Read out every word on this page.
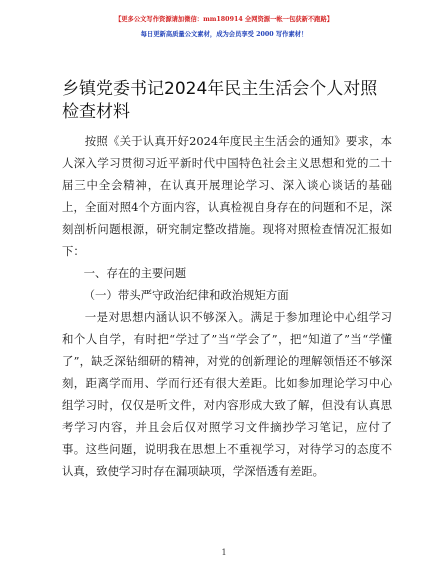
【更多公文写作资源请加微信：mm180914 全网资源一帐一包获新不跑路】
每日更新高质量公文素材，成为会员享受 2000 写作素材！
乡镇党委书记2024年民主生活会个人对照检查材料

按照《关于认真开好2024年度民主生活会的通知》要求，本人深入学习贯彻习近平新时代中国特色社会主义思想和党的二十届三中全会精神，在认真开展理论学习、深入谈心谈话的基础上，全面对照4个方面内容，认真检视自身存在的问题和不足，深刻剖析问题根源，研究制定整改措施。现将对照检查情况汇报如下：

一、存在的主要问题

（一）带头严守政治纪律和政治规矩方面

一是对思想内涵认识不够深入。满足于参加理论中心组学习和个人自学，有时把“学过了”当“学会了”，把“知道了”当“学懂了”，缺乏深钻细研的精神，对党的创新理论的理解领悟还不够深刻，距离学而用、学而行还有很大差距。比如参加理论学习中心组学习时，仅仅是听文件，对内容形成大致了解，但没有认真思考学习内容，并且会后仅对照学习文件摘抄学习笔记，应付了事。这些问题，说明我在思想上不重视学习，对待学习的态度不认真，致使学习时存在漏项缺项，学深悟透有差距。

1
